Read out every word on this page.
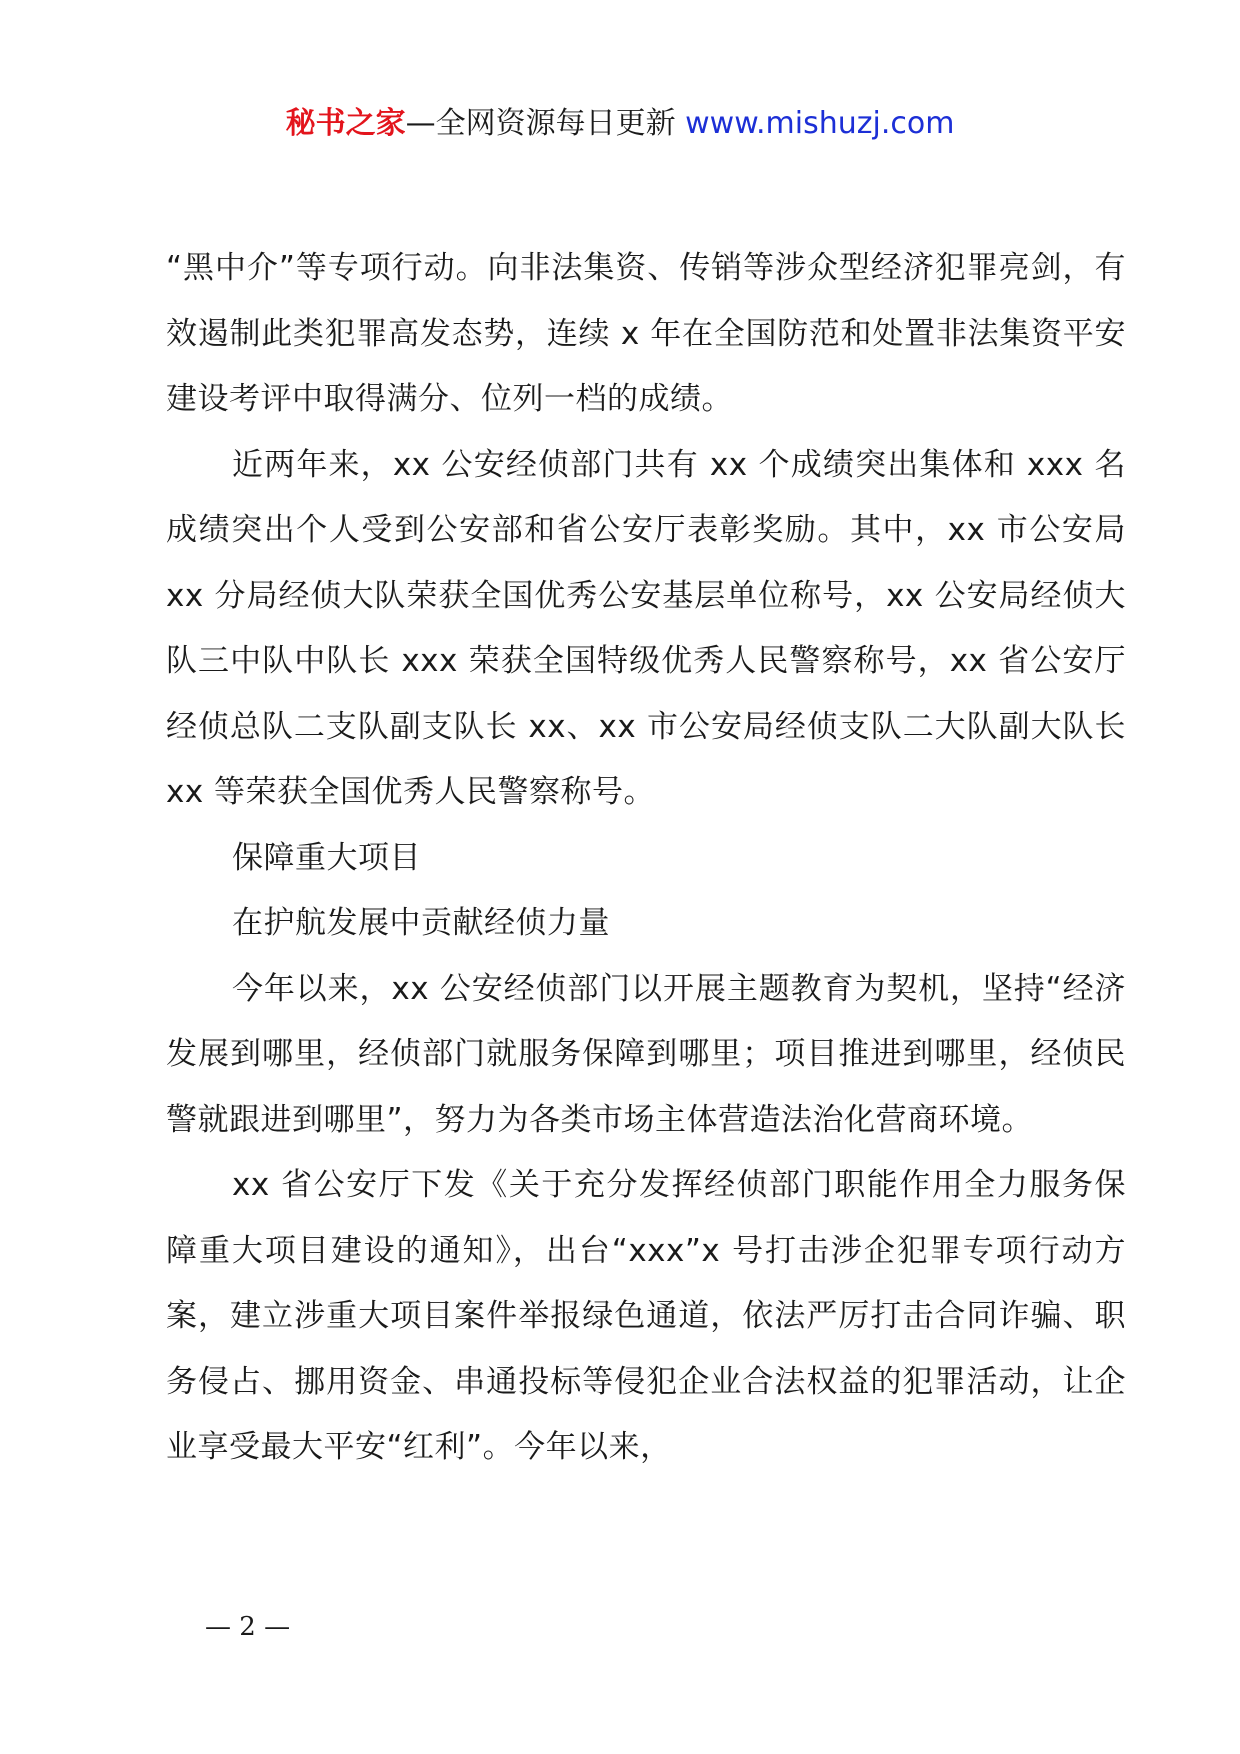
秘书之家—全网资源每日更新 www.mishuzj.com

“黑中介”等专项行动。向非法集资、传销等涉众型经济犯罪亮剑，有效遏制此类犯罪高发态势，连续 x 年在全国防范和处置非法集资平安建设考评中取得满分、位列一档的成绩。

近两年来，xx 公安经侦部门共有 xx 个成绩突出集体和 xxx 名成绩突出个人受到公安部和省公安厅表彰奖励。其中，xx 市公安局 xx 分局经侦大队荣获全国优秀公安基层单位称号，xx 公安局经侦大队三中队中队长 xxx 荣获全国特级优秀人民警察称号，xx 省公安厅经侦总队二支队副支队长 xx、xx 市公安局经侦支队二大队副大队长 xx 等荣获全国优秀人民警察称号。

保障重大项目

在护航发展中贡献经侦力量

今年以来，xx 公安经侦部门以开展主题教育为契机，坚持“经济发展到哪里，经侦部门就服务保障到哪里；项目推进到哪里，经侦民警就跟进到哪里”，努力为各类市场主体营造法治化营商环境。

xx 省公安厅下发《关于充分发挥经侦部门职能作用全力服务保障重大项目建设的通知》，出台“xxx”x 号打击涉企犯罪专项行动方案，建立涉重大项目案件举报绿色通道，依法严厉打击合同诈骗、职务侵占、挪用资金、串通投标等侵犯企业合法权益的犯罪活动，让企业享受最大平安“红利”。今年以来，

— 2 —
